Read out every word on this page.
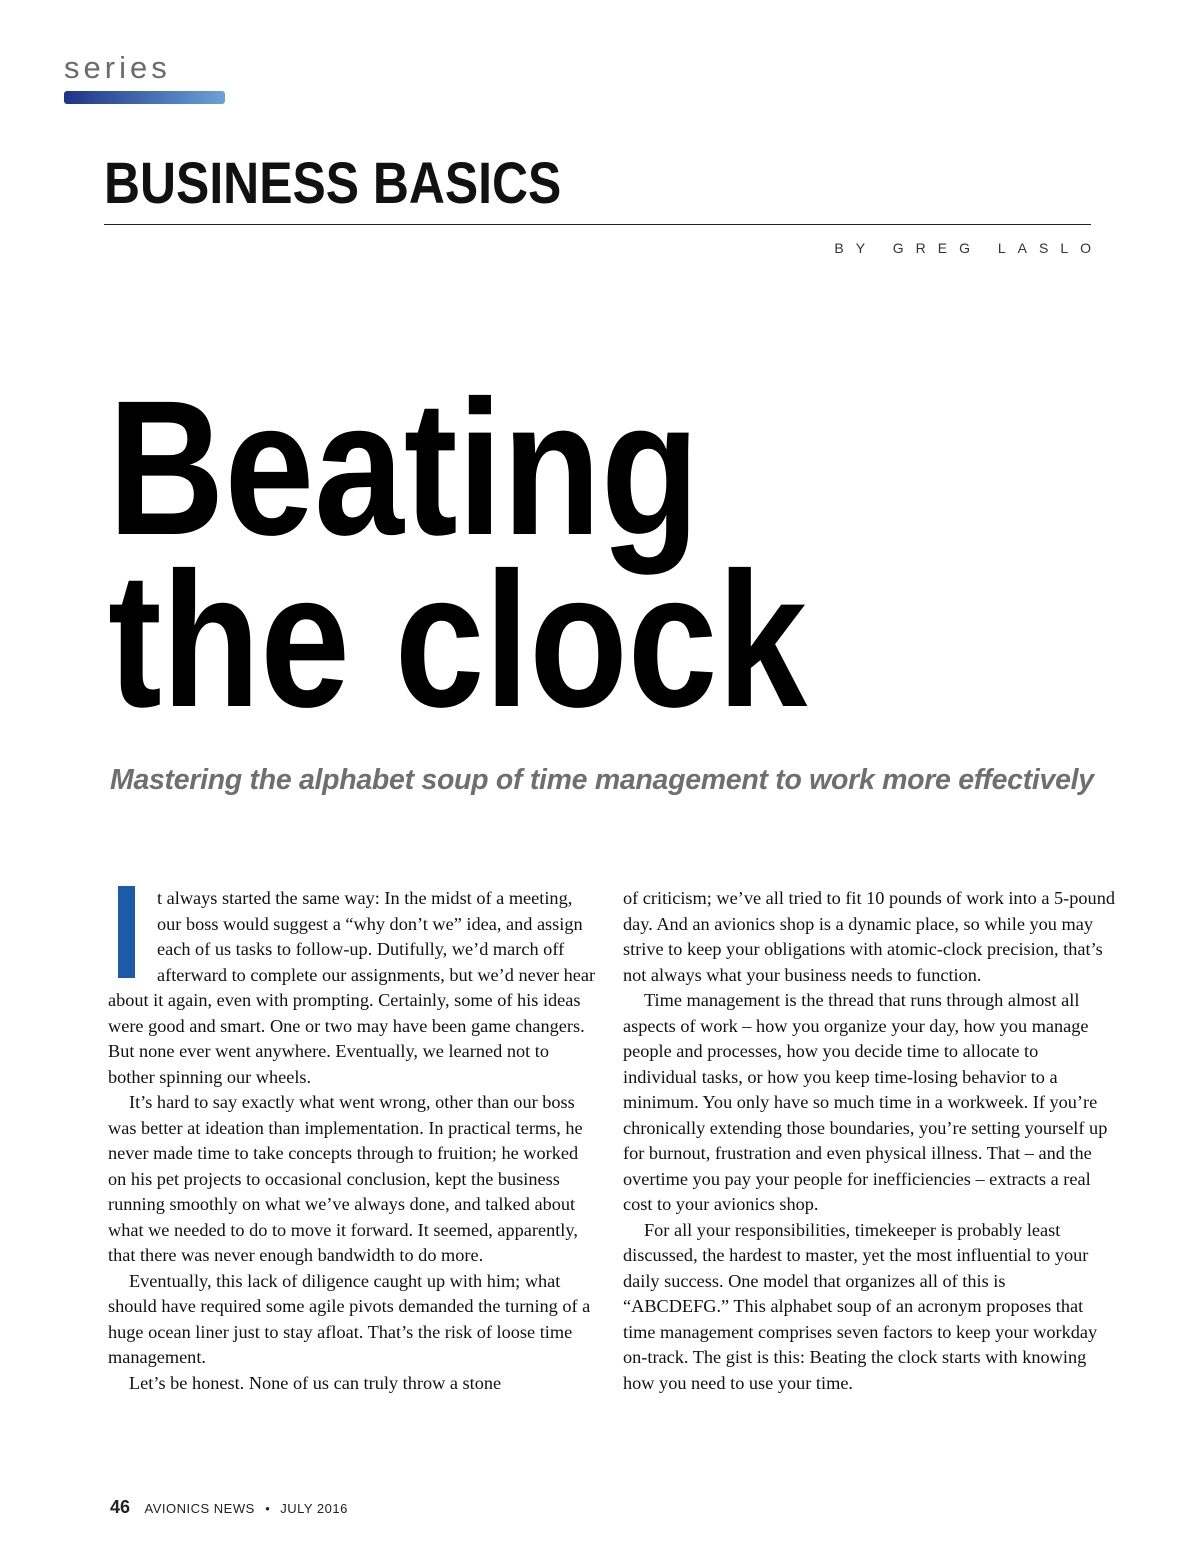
series
BUSINESS BASICS
BY GREG LASLO
Beating
the clock
Mastering the alphabet soup of time management to work more effectively

t always started the same way: In the midst of a meeting, our boss would suggest a “why don’t we” idea, and assign each of us tasks to follow-up. Dutifully, we’d march off afterward to complete our assignments, but we’d never hear about it again, even with prompting. Certainly, some of his ideas were good and smart. One or two may have been game changers. But none ever went anywhere. Eventually, we learned not to bother spinning our wheels.

It’s hard to say exactly what went wrong, other than our boss was better at ideation than implementation. In practical terms, he never made time to take concepts through to fruition; he worked on his pet projects to occasional conclusion, kept the business running smoothly on what we’ve always done, and talked about what we needed to do to move it forward. It seemed, apparently, that there was never enough bandwidth to do more.

Eventually, this lack of diligence caught up with him; what should have required some agile pivots demanded the turning of a huge ocean liner just to stay afloat. That’s the risk of loose time management.

Let’s be honest. None of us can truly throw a stone

of criticism; we’ve all tried to fit 10 pounds of work into a 5-pound day. And an avionics shop is a dynamic place, so while you may strive to keep your obligations with atomic-clock precision, that’s not always what your business needs to function.

Time management is the thread that runs through almost all aspects of work – how you organize your day, how you manage people and processes, how you decide time to allocate to individual tasks, or how you keep time-losing behavior to a minimum. You only have so much time in a workweek. If you’re chronically extending those boundaries, you’re setting yourself up for burnout, frustration and even physical illness. That – and the overtime you pay your people for inefficiencies – extracts a real cost to your avionics shop.

For all your responsibilities, timekeeper is probably least discussed, the hardest to master, yet the most influential to your daily success. One model that organizes all of this is “ABCDEFG.” This alphabet soup of an acronym proposes that time management comprises seven factors to keep your workday on-track. The gist is this: Beating the clock starts with knowing how you need to use your time.

46 AVIONICS NEWS • JULY 2016
